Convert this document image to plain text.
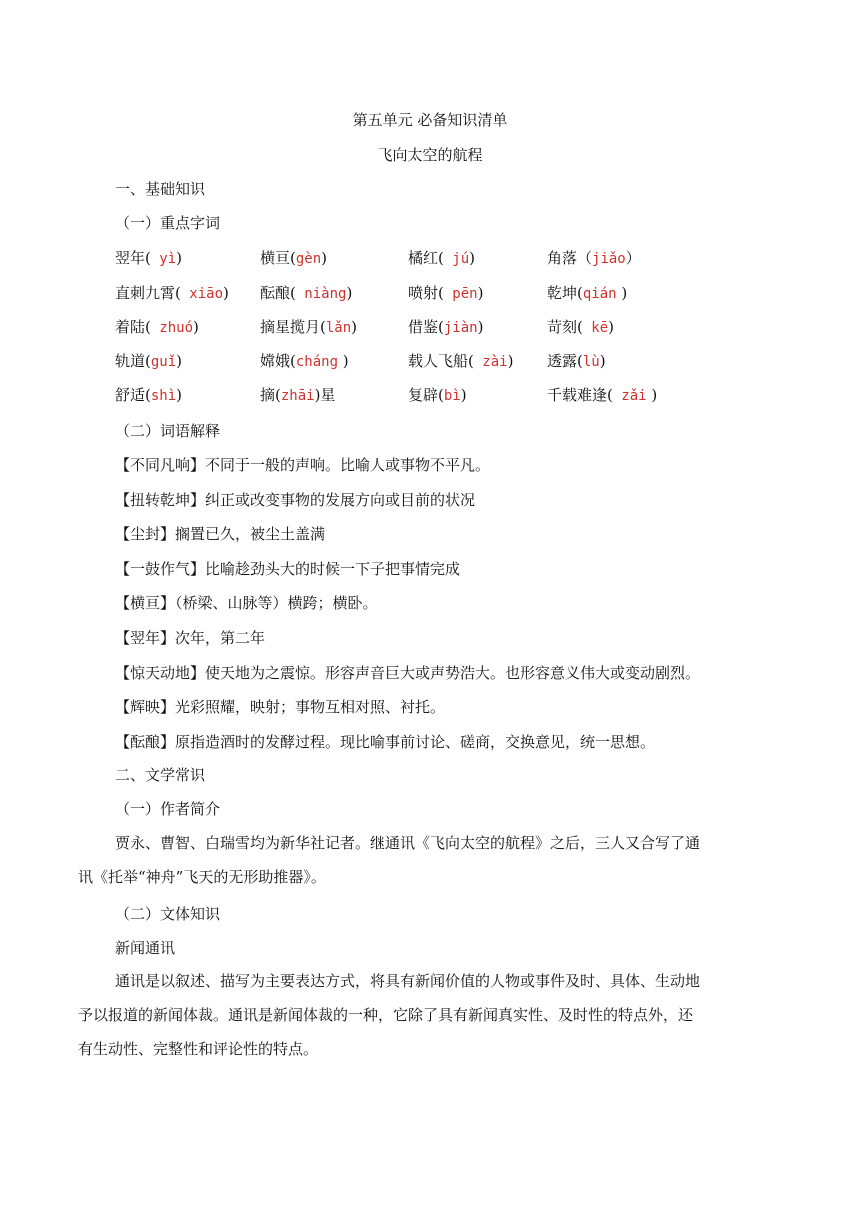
第五单元 必备知识清单
飞向太空的航程
一、基础知识
（一）重点字词
翌年( yì)	横亘(gèn)	橘红( jú)	角落（jiǎo）
直刺九霄( xiāo) 酝酿( niàng)	喷射( pēn)	乾坤(qián )
着陆( zhuó)	摘星揽月(lǎn)	借鉴(jiàn)	苛刻( kē)
轨道(guǐ)	嫦娥(cháng )	载人飞船( zài) 透露(lù)
舒适(shì)	摘(zhāi)星	复辟(bì)	千载难逢( zǎi )
（二）词语解释
【不同凡响】不同于一般的声响。比喻人或事物不平凡。
【扭转乾坤】纠正或改变事物的发展方向或目前的状况
【尘封】搁置已久，被尘土盖满
【一鼓作气】比喻趁劲头大的时候一下子把事情完成
【横亘】（桥梁、山脉等）横跨；横卧。
【翌年】次年，第二年
【惊天动地】使天地为之震惊。形容声音巨大或声势浩大。也形容意义伟大或变动剧烈。
【辉映】光彩照耀，映射；事物互相对照、衬托。
【酝酿】原指造酒时的发酵过程。现比喻事前讨论、磋商，交换意见，统一思想。
二、文学常识
（一）作者简介
贾永、曹智、白瑞雪均为新华社记者。继通讯《飞向太空的航程》之后，三人又合写了通
讯《托举“神舟”飞天的无形助推器》。
（二）文体知识
新闻通讯
通讯是以叙述、描写为主要表达方式，将具有新闻价值的人物或事件及时、具体、生动地
予以报道的新闻体裁。通讯是新闻体裁的一种，它除了具有新闻真实性、及时性的特点外，还
有生动性、完整性和评论性的特点。
